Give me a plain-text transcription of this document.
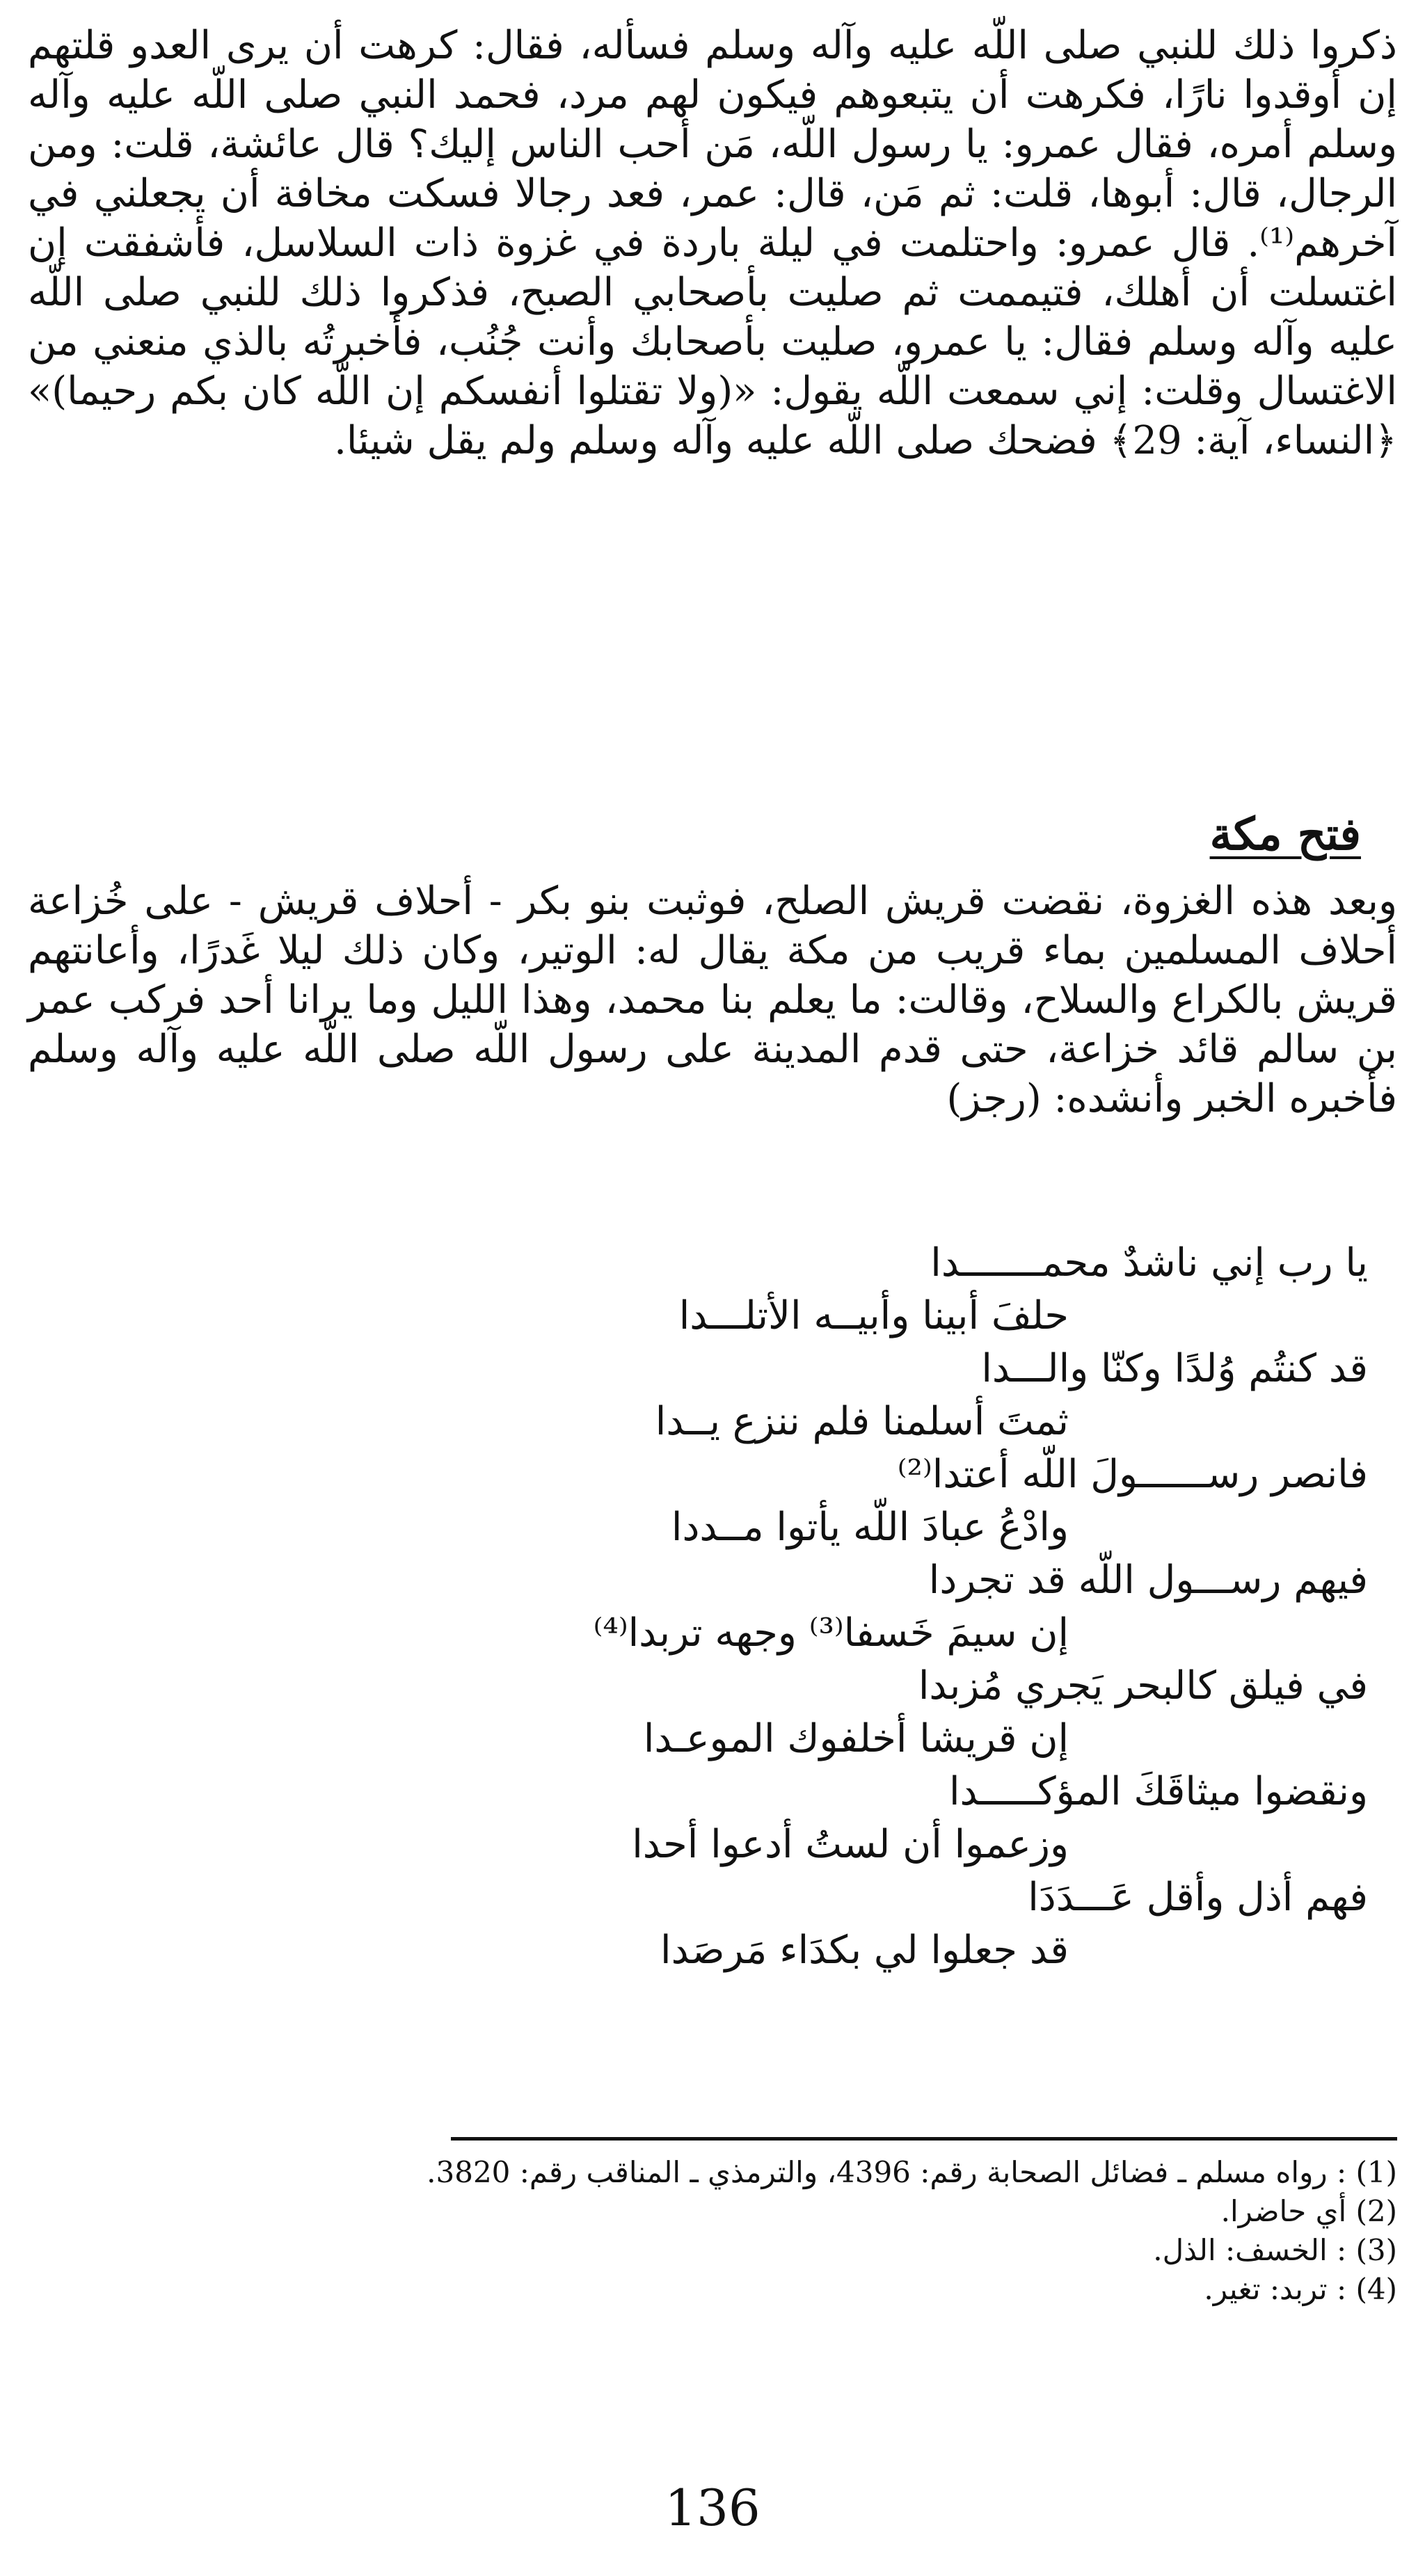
ذكروا ذلك للنبي صلى اللّه عليه وآله وسلم فسأله، فقال: كرهت أن يرى العدو قلتهم إن أوقدوا نارًا، فكرهت أن يتبعوهم فيكون لهم مرد، فحمد النبي صلى اللّه عليه وآله وسلم أمره، فقال عمرو: يا رسول اللّه، مَن أحب الناس إليك؟ قال عائشة، قلت: ومن الرجال، قال: أبوها، قلت: ثم مَن، قال: عمر، فعد رجالا فسكت مخافة أن يجعلني في آخرهم⁽¹⁾. قال عمرو: واحتلمت في ليلة باردة في غزوة ذات السلاسل، فأشفقت إن اغتسلت أن أهلك، فتيممت ثم صليت بأصحابي الصبح، فذكروا ذلك للنبي صلى اللّه عليه وآله وسلم فقال: يا عمرو، صليت بأصحابك وأنت جُنُب، فأخبرتُه بالذي منعني من الاغتسال وقلت: إني سمعت اللّه يقول: «(ولا تقتلوا أنفسكم إن اللّه كان بكم رحيما)» ﴿النساء، آية: 29﴾ فضحك صلى اللّه عليه وآله وسلم ولم يقل شيئا.

فتح مكة

وبعد هذه الغزوة، نقضت قريش الصلح، فوثبت بنو بكر - أحلاف قريش - على خُزاعة أحلاف المسلمين بماء قريب من مكة يقال له: الوتير، وكان ذلك ليلا غَدرًا، وأعانتهم قريش بالكراع والسلاح، وقالت: ما يعلم بنا محمد، وهذا الليل وما يرانا أحد فركب عمر بن سالم قائد خزاعة، حتى قدم المدينة على رسول اللّه صلى اللّه عليه وآله وسلم فأخبره الخبر وأنشده: (رجز)

يا رب إني ناشدٌ محمـــــــدا
حلفَ أبينا وأبيــه الأتلـــدا
قد كنتُم وُلدًا وكنّا والـــدا
ثمتَ أسلمنا فلم ننزع يــدا
فانصر رســــــولَ اللّه أعتدا⁽²⁾
وادْعُ عبادَ اللّه يأتوا مــددا
فيهم رســـول اللّه قد تجردا
إن سيمَ خَسفا⁽³⁾ وجهه تربدا⁽⁴⁾
في فيلق كالبحر يَجري مُزبدا
إن قريشا أخلفوك الموعـدا
ونقضوا ميثاقَكَ المؤكـــــدا
وزعموا أن لستُ أدعوا أحدا
فهم أذل وأقل عَـــدَدَا
قد جعلوا لي بكدَاء مَرصَدا
(1) : رواه مسلم ـ فضائل الصحابة رقم: 4396، والترمذي ـ المناقب رقم: 3820.
(2) أي حاضرا.
(3) : الخسف: الذل.
(4) : تربد: تغير.
136
